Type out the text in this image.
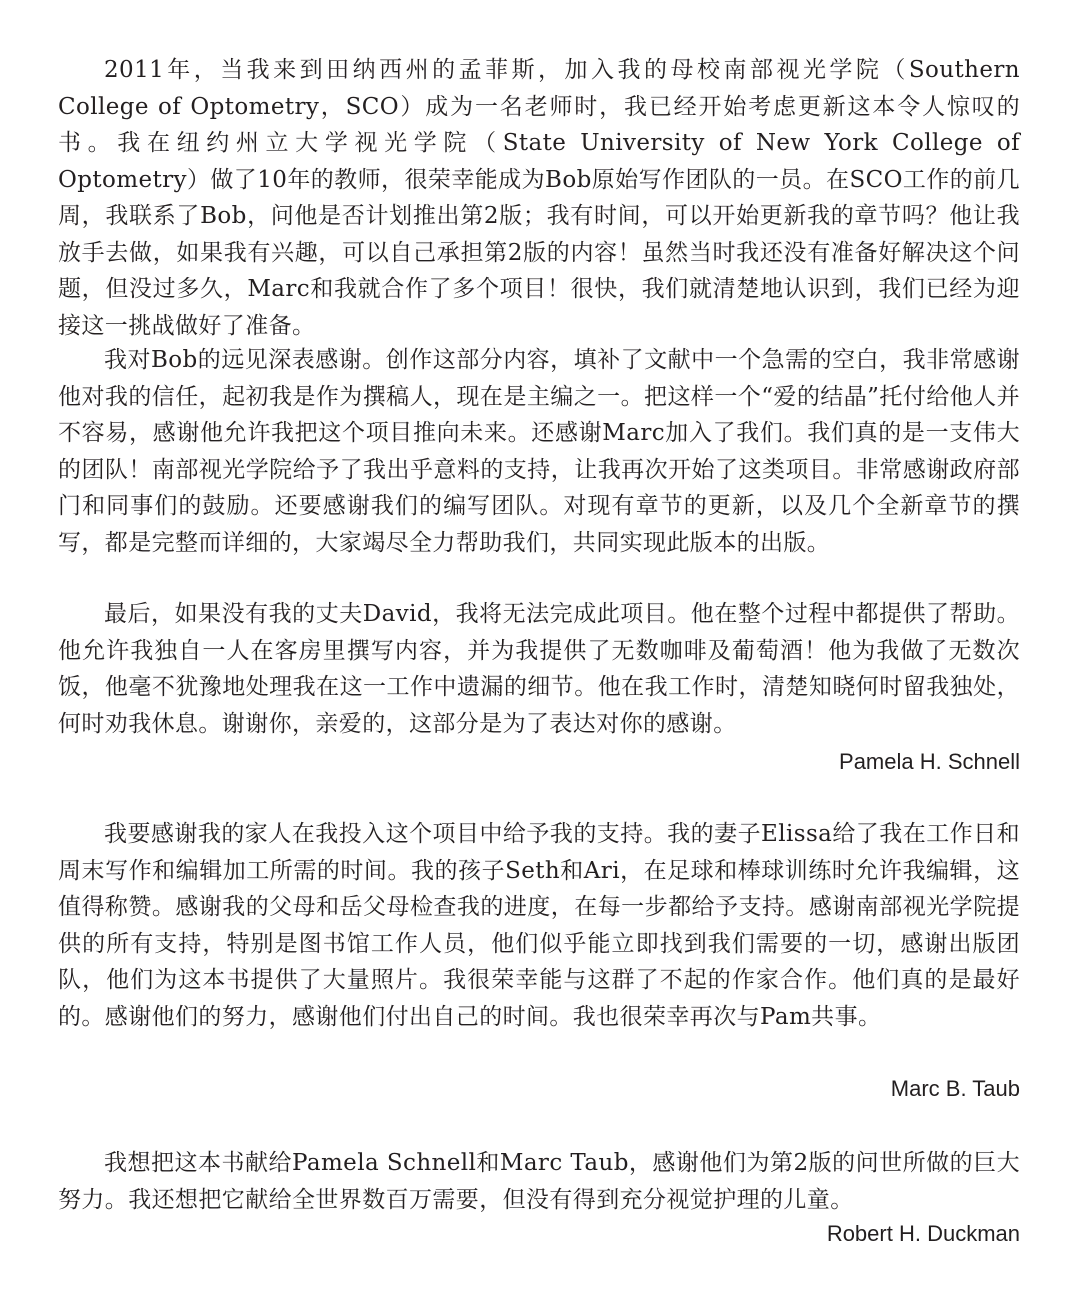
2011年，当我来到田纳西州的孟菲斯，加入我的母校南部视光学院（Southern College of Optometry，SCO）成为一名老师时，我已经开始考虑更新这本令人惊叹的书。我在纽约州立大学视光学院（State University of New York College of Optometry）做了10年的教师，很荣幸能成为Bob原始写作团队的一员。在SCO工作的前几周，我联系了Bob，问他是否计划推出第2版；我有时间，可以开始更新我的章节吗？他让我放手去做，如果我有兴趣，可以自己承担第2版的内容！虽然当时我还没有准备好解决这个问题，但没过多久，Marc和我就合作了多个项目！很快，我们就清楚地认识到，我们已经为迎接这一挑战做好了准备。

我对Bob的远见深表感谢。创作这部分内容，填补了文献中一个急需的空白，我非常感谢他对我的信任，起初我是作为撰稿人，现在是主编之一。把这样一个“爱的结晶”托付给他人并不容易，感谢他允许我把这个项目推向未来。还感谢Marc加入了我们。我们真的是一支伟大的团队！南部视光学院给予了我出乎意料的支持，让我再次开始了这类项目。非常感谢政府部门和同事们的鼓励。还要感谢我们的编写团队。对现有章节的更新，以及几个全新章节的撰写，都是完整而详细的，大家竭尽全力帮助我们，共同实现此版本的出版。

最后，如果没有我的丈夫David，我将无法完成此项目。他在整个过程中都提供了帮助。他允许我独自一人在客房里撰写内容，并为我提供了无数咖啡及葡萄酒！他为我做了无数次饭，他毫不犹豫地处理我在这一工作中遗漏的细节。他在我工作时，清楚知晓何时留我独处，何时劝我休息。谢谢你，亲爱的，这部分是为了表达对你的感谢。

Pamela H. Schnell

我要感谢我的家人在我投入这个项目中给予我的支持。我的妻子Elissa给了我在工作日和周末写作和编辑加工所需的时间。我的孩子Seth和Ari，在足球和棒球训练时允许我编辑，这值得称赞。感谢我的父母和岳父母检查我的进度，在每一步都给予支持。感谢南部视光学院提供的所有支持，特别是图书馆工作人员，他们似乎能立即找到我们需要的一切，感谢出版团队，他们为这本书提供了大量照片。我很荣幸能与这群了不起的作家合作。他们真的是最好的。感谢他们的努力，感谢他们付出自己的时间。我也很荣幸再次与Pam共事。

Marc B. Taub

我想把这本书献给Pamela Schnell和Marc Taub，感谢他们为第2版的问世所做的巨大努力。我还想把它献给全世界数百万需要，但没有得到充分视觉护理的儿童。

Robert H. Duckman
